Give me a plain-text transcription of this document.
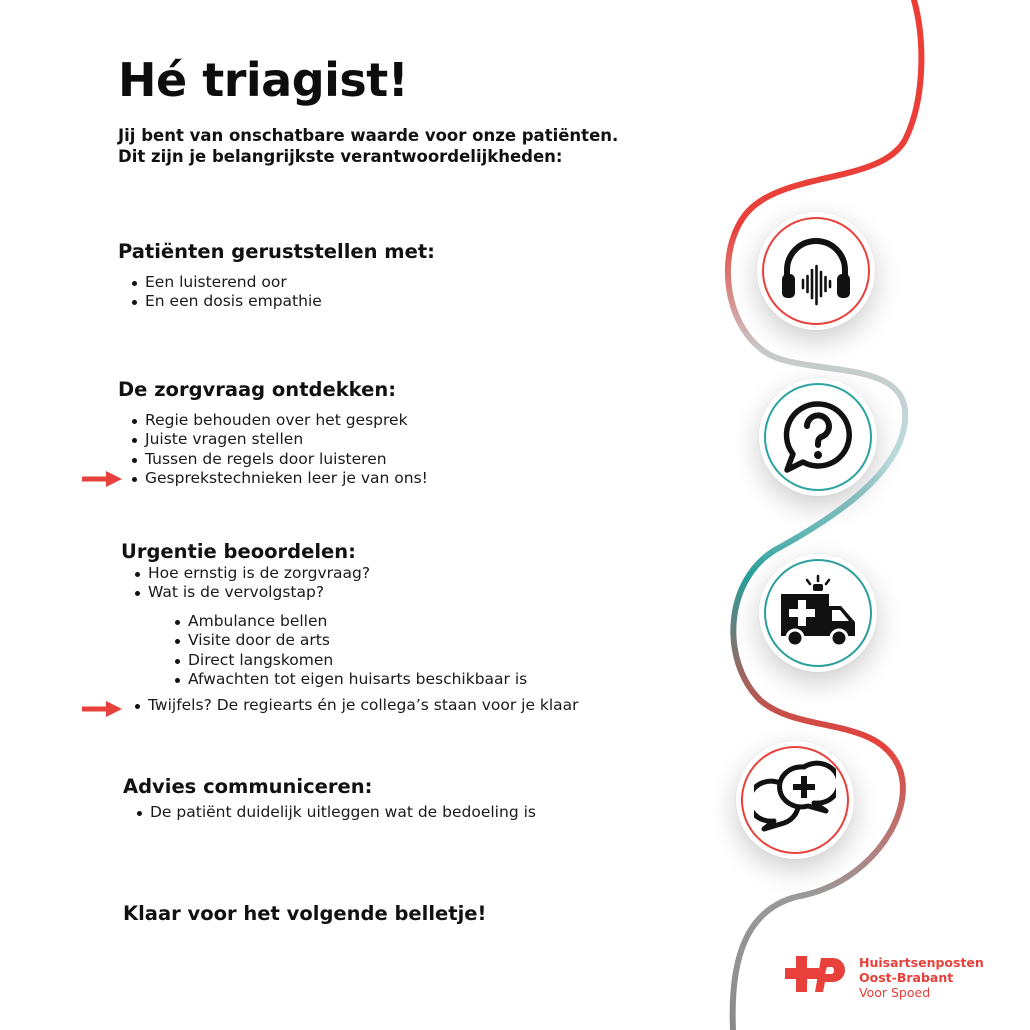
Hé triagist!
Jij bent van onschatbare waarde voor onze patiënten.
Dit zijn je belangrijkste verantwoordelijkheden:
Patiënten geruststellen met:
Een luisterend oor
En een dosis empathie
De zorgvraag ontdekken:
Regie behouden over het gesprek
Juiste vragen stellen
Tussen de regels door luisteren
Gesprekstechnieken leer je van ons!
Urgentie beoordelen:
Hoe ernstig is de zorgvraag?
Wat is de vervolgstap?
Ambulance bellen
Visite door de arts
Direct langskomen
Afwachten tot eigen huisarts beschikbaar is
Twijfels? De regiearts én je collega’s staan voor je klaar
Advies communiceren:
De patiënt duidelijk uitleggen wat de bedoeling is
Klaar voor het volgende belletje!
Huisartsenposten
Oost-Brabant
Voor Spoed
